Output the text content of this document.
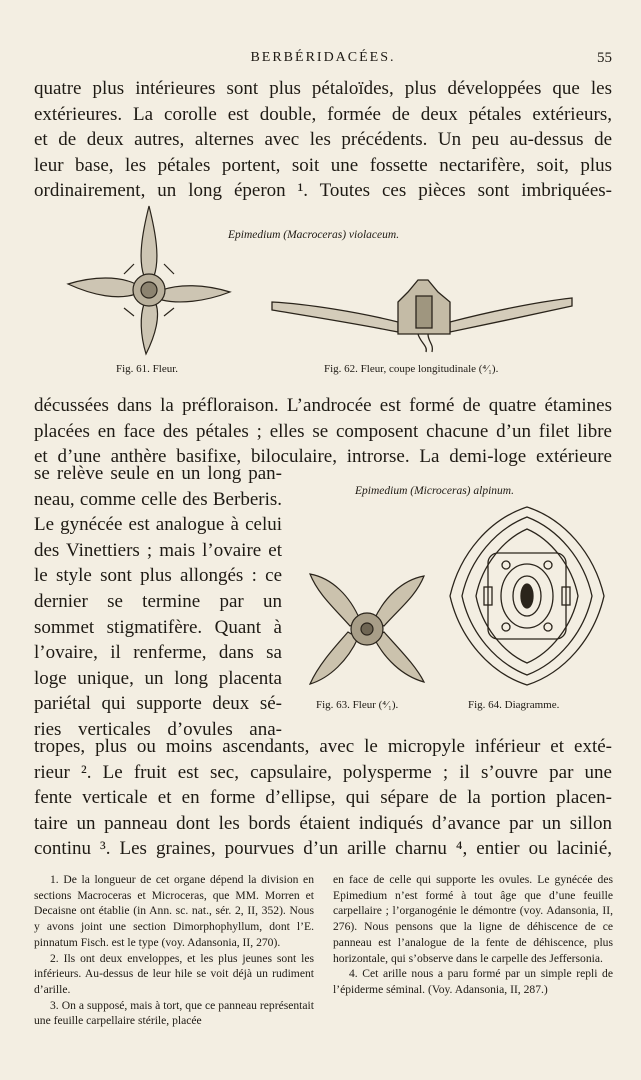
BERBÉRIDACÉES.	55
quatre plus intérieures sont plus pétaloïdes, plus développées que les
extérieures. La corolle est double, formée de deux pétales extérieurs,
et de deux autres, alternes avec les précédents. Un peu au-dessus de
leur base, les pétales portent, soit une fossette nectarifère, soit, plus
ordinairement, un long éperon ¹. Toutes ces pièces sont imbriquées-
Epimedium (Macroceras) violaceum.
Fig. 61. Fleur.	Fig. 62. Fleur, coupe longitudinale (⁴⁄₁).
décussées dans la préfloraison. L’androcée est formé de quatre étamines
placées en face des pétales ; elles se composent chacune d’un filet libre
et d’une anthère basifixe, biloculaire, introrse. La demi-loge extérieure
se relève seule en un long pan-
neau, comme celle des Berberis.
Le gynécée est analogue à celui
des Vinettiers ; mais l’ovaire et
le style sont plus allongés : ce
dernier se termine par un
sommet stigmatifère. Quant à
l’ovaire, il renferme, dans sa
loge unique, un long placenta
pariétal qui supporte deux sé-
ries verticales d’ovules ana-
Epimedium (Microceras) alpinum.
Fig. 63. Fleur (⁴⁄₁).	Fig. 64. Diagramme.
tropes, plus ou moins ascendants, avec le micropyle inférieur et exté-
rieur ². Le fruit est sec, capsulaire, polysperme ; il s’ouvre par une
fente verticale et en forme d’ellipse, qui sépare de la portion placen-
taire un panneau dont les bords étaient indiqués d’avance par un sillon
continu ³. Les graines, pourvues d’un arille charnu ⁴, entier ou lacinié,

1. De la longueur de cet organe dépend la division en sections Macroceras et Microceras, que MM. Morren et Decaisne ont établie (in Ann. sc. nat., sér. 2, II, 352). Nous y avons joint une section Dimorphophyllum, dont l’E. pinnatum Fisch. est le type (voy. Adansonia, II, 270).

2. Ils ont deux enveloppes, et les plus jeunes sont les inférieurs. Au-dessus de leur hile se voit déjà un rudiment d’arille.

3. On a supposé, mais à tort, que ce panneau représentait une feuille carpellaire stérile, placée

en face de celle qui supporte les ovules. Le gynécée des Epimedium n’est formé à tout âge que d’une feuille carpellaire ; l’organogénie le démontre (voy. Adansonia, II, 276). Nous pensons que la ligne de déhiscence de ce panneau est l’analogue de la fente de déhiscence, plus horizontale, qui s’observe dans le carpelle des Jeffersonia.

4. Cet arille nous a paru formé par un simple repli de l’épiderme séminal. (Voy. Adansonia, II, 287.)
